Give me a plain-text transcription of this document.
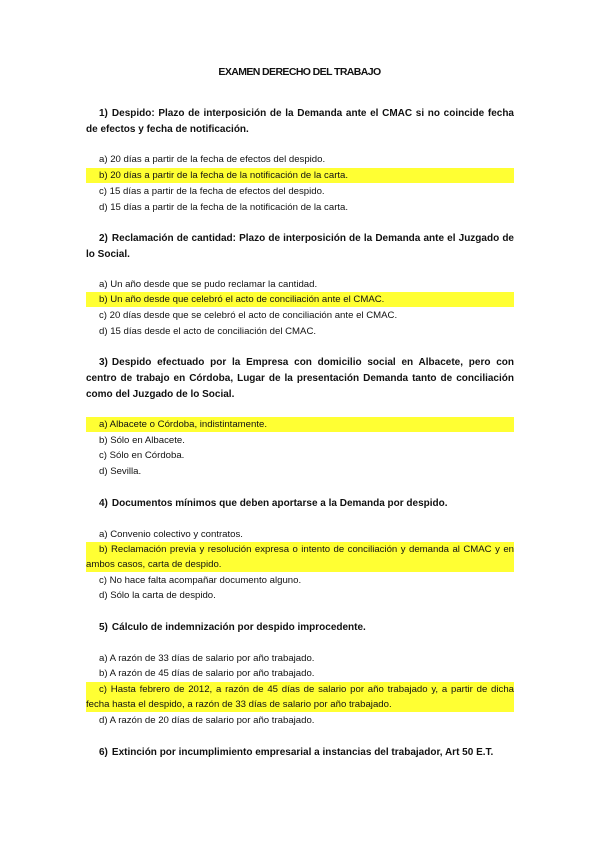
EXAMEN DERECHO DEL TRABAJO
1) Despido: Plazo de interposición de la Demanda ante el CMAC si no coincide fecha de efectos y fecha de notificación.
a) 20 días a partir de la fecha de efectos del despido.
b) 20 días a partir de la fecha de la notificación de la carta.
c) 15 días a partir de la fecha de efectos del despido.
d) 15 días a partir de la fecha de la notificación de la carta.
2) Reclamación de cantidad: Plazo de interposición de la Demanda ante el Juzgado de lo Social.
a) Un año desde que se pudo reclamar la cantidad.
b) Un año desde que celebró el acto de conciliación ante el CMAC.
c) 20 días desde que se celebró el acto de conciliación ante el CMAC.
d) 15 días desde el acto de conciliación del CMAC.
3) Despido efectuado por la Empresa con domicilio social en Albacete, pero con centro de trabajo en Córdoba, Lugar de la presentación Demanda tanto de conciliación como del Juzgado de lo Social.
a) Albacete o Córdoba, indistintamente.
b) Sólo en Albacete.
c) Sólo en Córdoba.
d) Sevilla.
4) Documentos mínimos que deben aportarse a la Demanda por despido.
a) Convenio colectivo y contratos.
b) Reclamación previa y resolución expresa o intento de conciliación y demanda al CMAC y en ambos casos, carta de despido.
c) No hace falta acompañar documento alguno.
d) Sólo la carta de despido.
5) Cálculo de indemnización por despido improcedente.
a) A razón de 33 días de salario por año trabajado.
b) A razón de 45 días de salario por año trabajado.
c) Hasta febrero de 2012, a razón de 45 días de salario por año trabajado y, a partir de dicha fecha hasta el despido, a razón de 33 días de salario por año trabajado.
d) A razón de 20 días de salario por año trabajado.
6) Extinción por incumplimiento empresarial a instancias del trabajador, Art 50 E.T.
